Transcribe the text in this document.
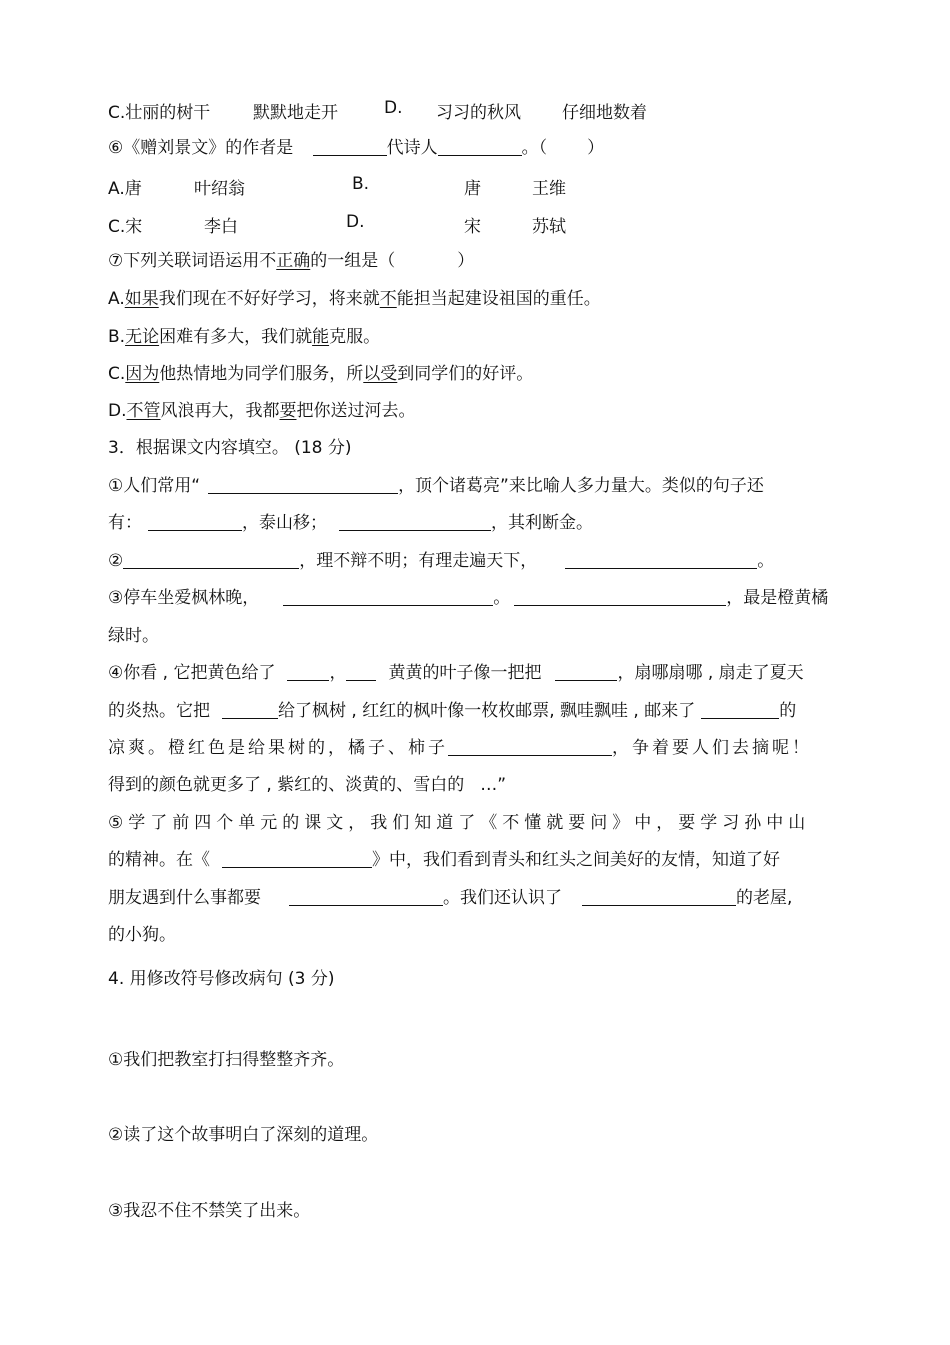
C.壮丽的树干	默默地走开	D. 习习的秋风 仔细地数着
⑥《赠刘景文》的作者是	代诗人	。（ ）
A.唐	叶绍翁	B.	唐	王维
C.宋	李白	D.	宋	苏轼
⑦下列关联词语运用不正确的一组是（	）
A.如果我们现在不好好学习，将来就不能担当起建设祖国的重任。
B.无论困难有多大，我们就能克服。
C.因为他热情地为同学们服务，所以受到同学们的好评。
D.不管风浪再大，我都要把你送过河去。
3．根据课文内容填空。 (18 分)
①人们常用“	，顶个诸葛亮”来比喻人多力量大。类似的句子还
有：	，泰山移；	，其利断金。
②	，理不辩不明；有理走遍天下，	。
③停车坐爱枫林晚，	。	，最是橙黄橘
绿时。
④你看 , 它把黄色给了	， 黄黄的叶子像一把把	，扇哪扇哪 , 扇走了夏天
的炎热。它把	给了枫树 , 红红的枫叶像一枚枚邮票, 飘哇飘哇 , 邮来了	的
凉爽。橙红色是给果树的，橘子、柿子	，争着要人们去摘呢！
得到的颜色就更多了 , 紫红的、淡黄的、雪白的 …”
⑤学了前四个单元的课文，我们知道了《不懂就要问》中，要学习孙中山
的精神。在《	》中，我们看到青头和红头之间美好的友情，知道了好
朋友遇到什么事都要	。我们还认识了	的老屋,
的小狗。
4. 用修改符号修改病句 (3 分)
①我们把教室打扫得整整齐齐。
②读了这个故事明白了深刻的道理。
③我忍不住不禁笑了出来。
